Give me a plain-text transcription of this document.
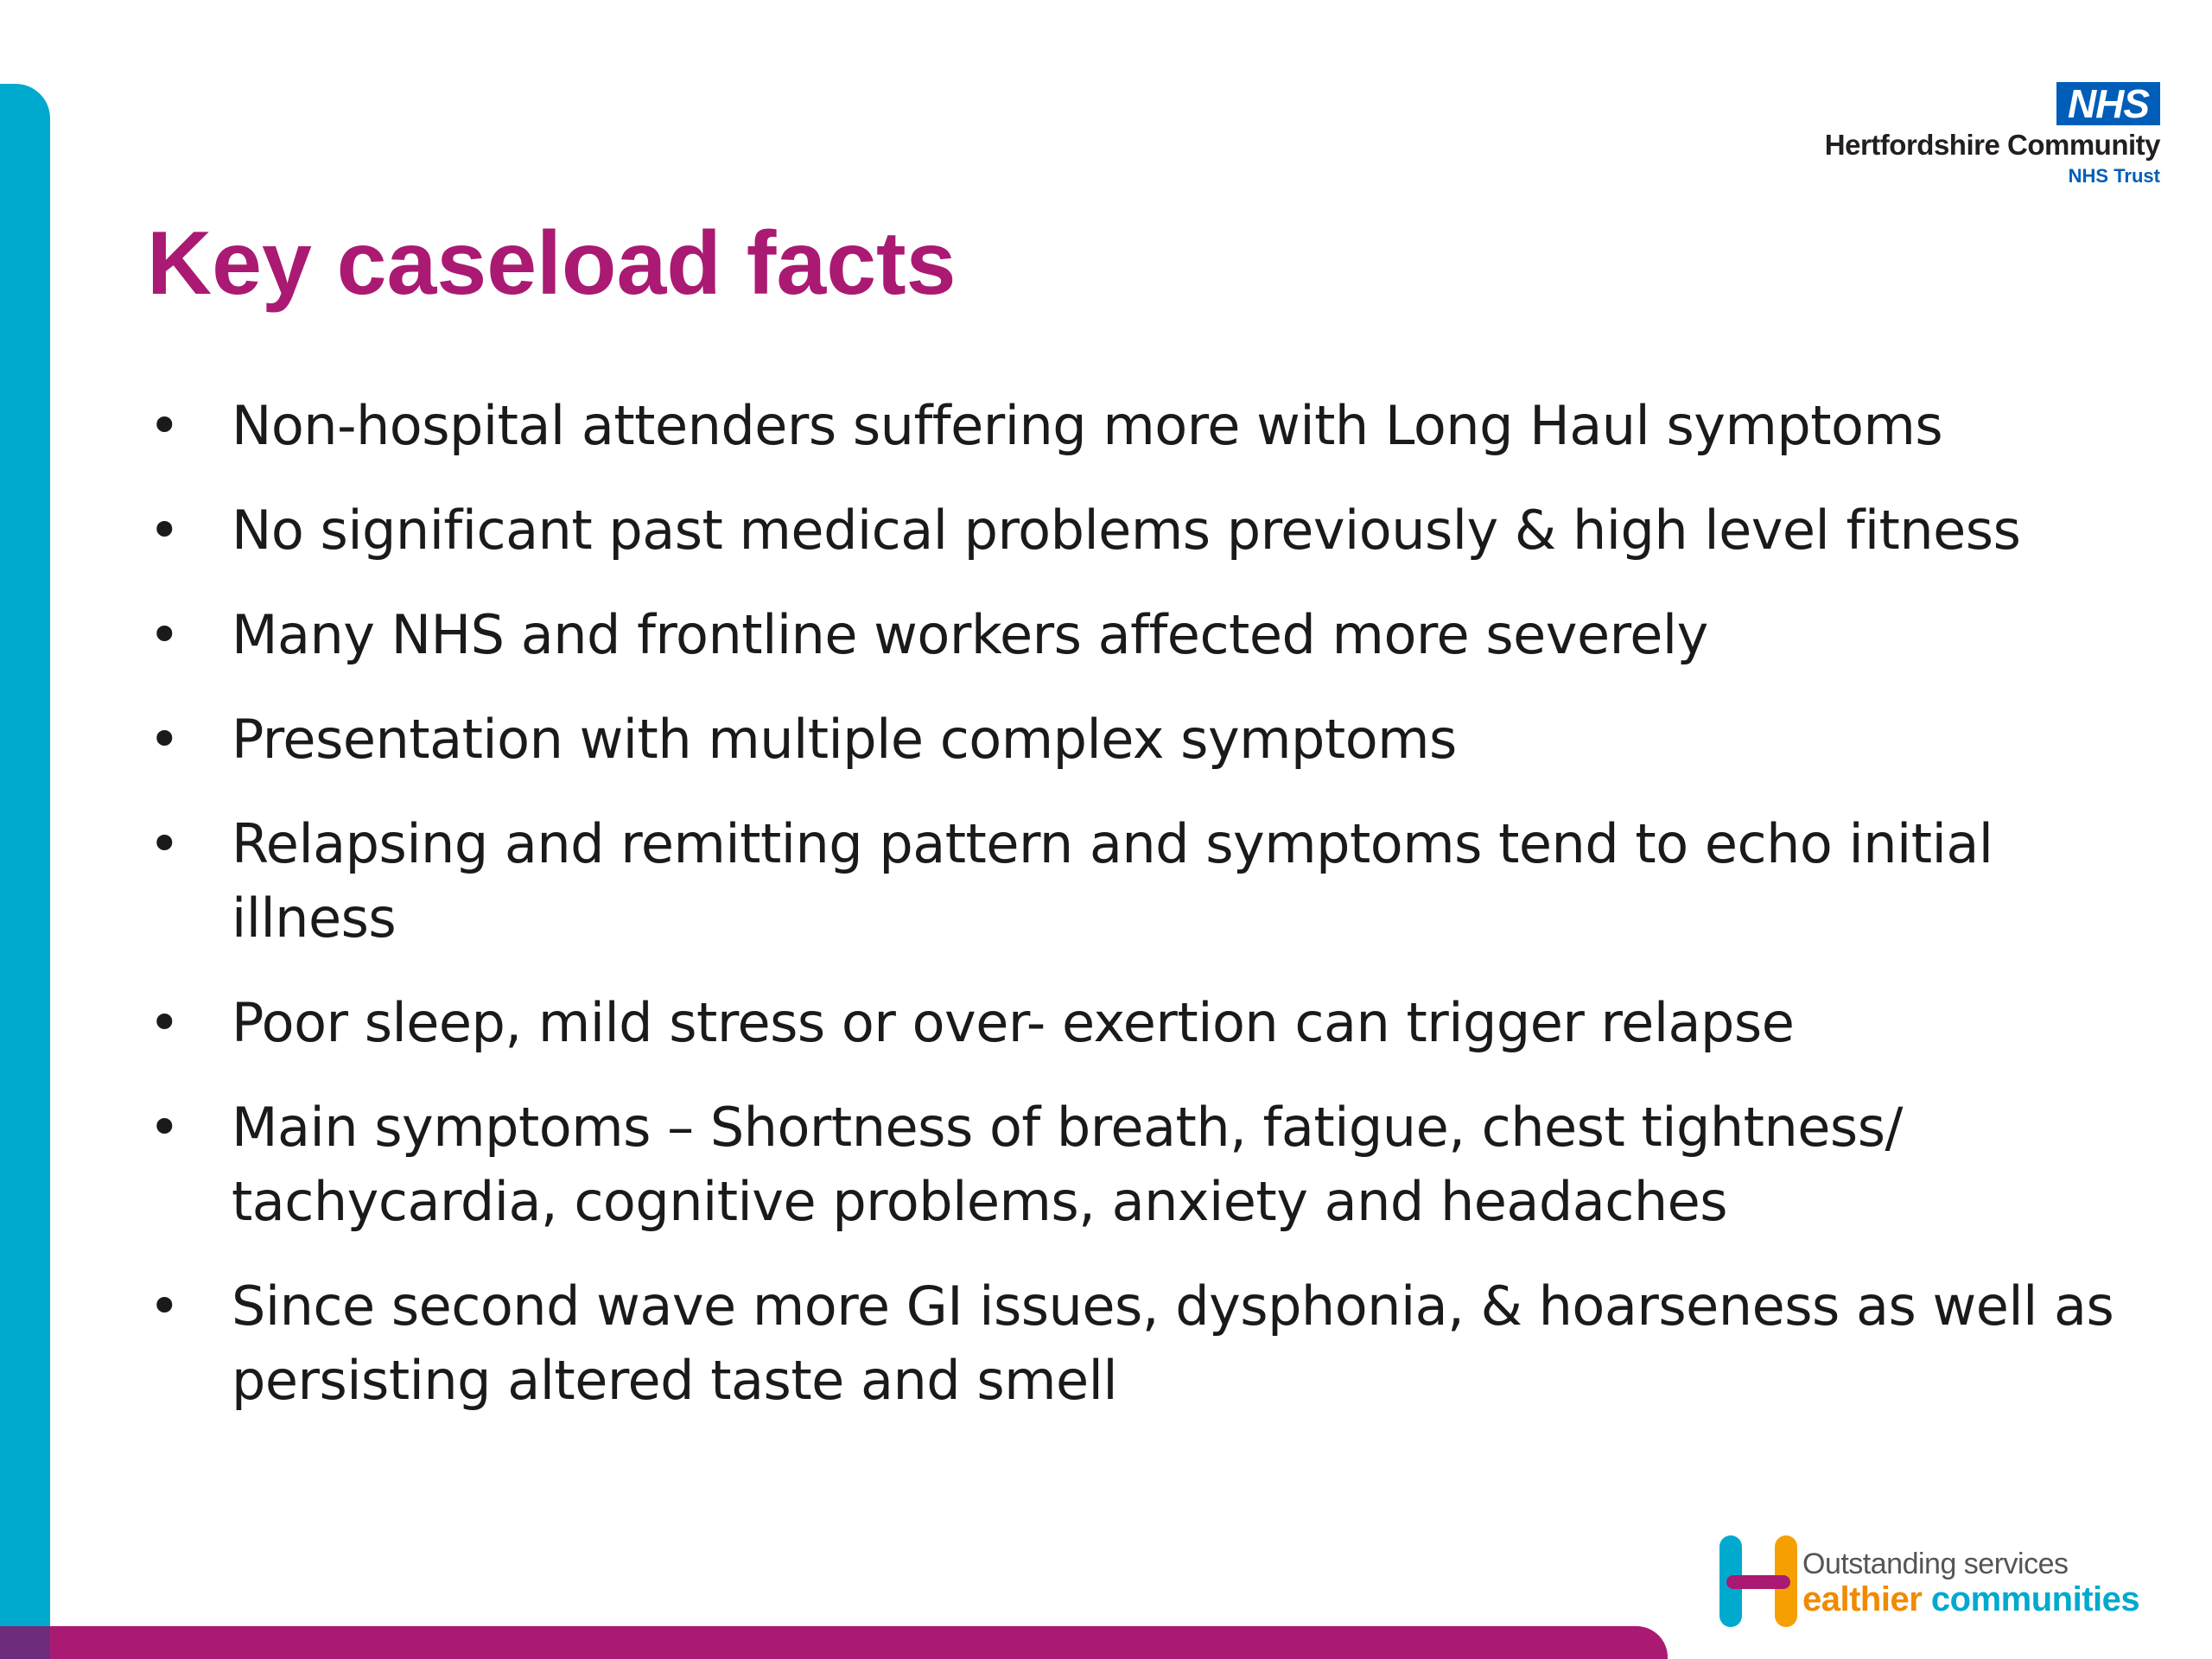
NHS
Hertfordshire Community
NHS Trust
Key caseload facts
• Non-hospital attenders suffering more with Long Haul symptoms
• No significant past medical problems previously & high level fitness
• Many NHS and frontline workers affected more severely
• Presentation with multiple complex symptoms
• Relapsing and remitting pattern and symptoms tend to echo initial illness
• Poor sleep, mild stress or over- exertion can trigger relapse
• Main symptoms – Shortness of breath, fatigue, chest tightness/ tachycardia, cognitive problems, anxiety and headaches
• Since second wave more GI issues, dysphonia, & hoarseness as well as persisting altered taste and smell
Outstanding services
ealthier communities
